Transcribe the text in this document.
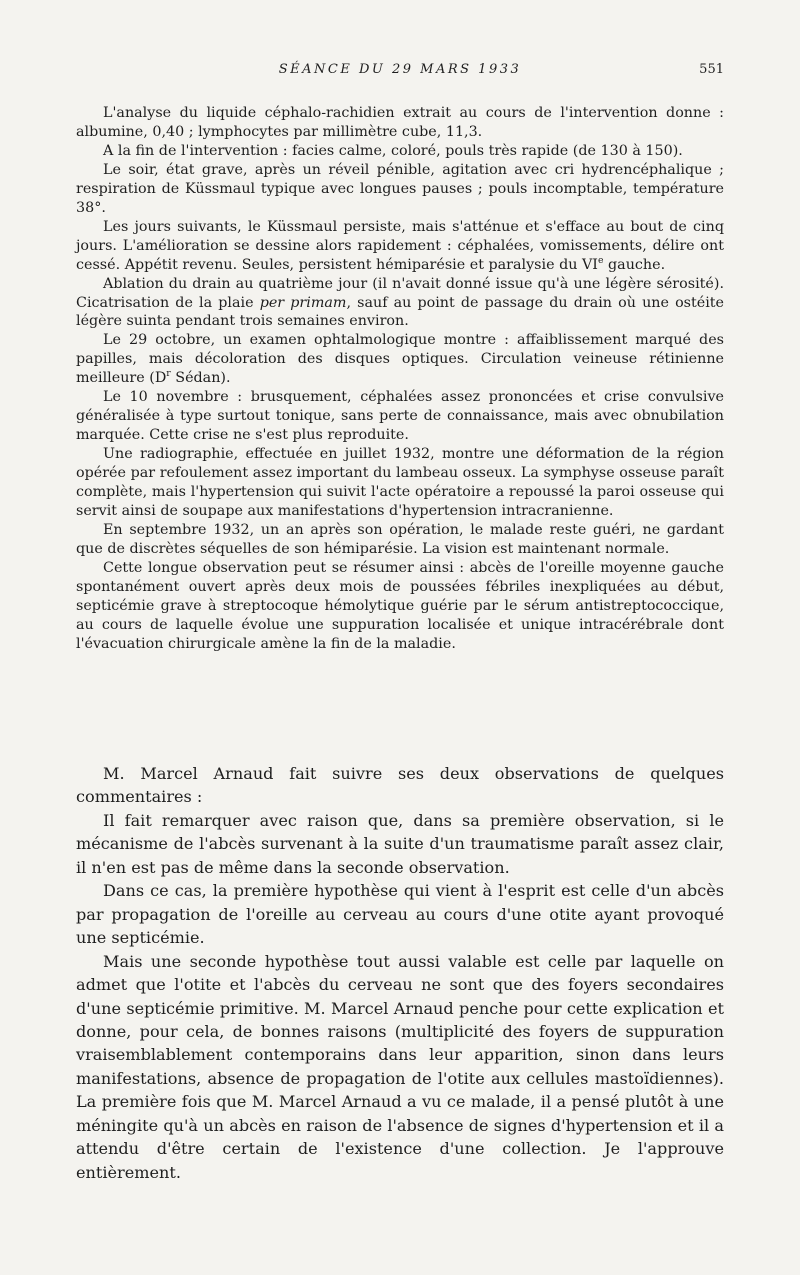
SÉANCE DU 29 MARS 1933	551

L'analyse du liquide céphalo-rachidien extrait au cours de l'intervention donne : albumine, 0,40 ; lymphocytes par millimètre cube, 11,3.

A la fin de l'intervention : facies calme, coloré, pouls très rapide (de 130 à 150).

Le soir, état grave, après un réveil pénible, agitation avec cri hydrencéphalique ; respiration de Küssmaul typique avec longues pauses ; pouls incomptable, température 38°.

Les jours suivants, le Küssmaul persiste, mais s'atténue et s'efface au bout de cinq jours. L'amélioration se dessine alors rapidement : céphalées, vomissements, délire ont cessé. Appétit revenu. Seules, persistent hémiparésie et paralysie du VIe gauche.

Ablation du drain au quatrième jour (il n'avait donné issue qu'à une légère sérosité). Cicatrisation de la plaie per primam, sauf au point de passage du drain où une ostéite légère suinta pendant trois semaines environ.

Le 29 octobre, un examen ophtalmologique montre : affaiblissement marqué des papilles, mais décoloration des disques optiques. Circulation veineuse rétinienne meilleure ($D^r$ Sédan).

Le 10 novembre : brusquement, céphalées assez prononcées et crise convulsive généralisée à type surtout tonique, sans perte de connaissance, mais avec obnubilation marquée. Cette crise ne s'est plus reproduite.

Une radiographie, effectuée en juillet 1932, montre une déformation de la région opérée par refoulement assez important du lambeau osseux. La symphyse osseuse paraît complète, mais l'hypertension qui suivit l'acte opératoire a repoussé la paroi osseuse qui servit ainsi de soupape aux manifestations d'hypertension intracranienne.

En septembre 1932, un an après son opération, le malade reste guéri, ne gardant que de discrètes séquelles de son hémiparésie. La vision est maintenant normale.

Cette longue observation peut se résumer ainsi : abcès de l'oreille moyenne gauche spontanément ouvert après deux mois de poussées fébriles inexpliquées au début, septicémie grave à streptocoque hémolytique guérie par le sérum antistreptococcique, au cours de laquelle évolue une suppuration localisée et unique intracérébrale dont l'évacuation chirurgicale amène la fin de la maladie.

M. Marcel Arnaud fait suivre ses deux observations de quelques commentaires :

Il fait remarquer avec raison que, dans sa première observation, si le mécanisme de l'abcès survenant à la suite d'un traumatisme paraît assez clair, il n'en est pas de même dans la seconde observation.

Dans ce cas, la première hypothèse qui vient à l'esprit est celle d'un abcès par propagation de l'oreille au cerveau au cours d'une otite ayant provoqué une septicémie.

Mais une seconde hypothèse tout aussi valable est celle par laquelle on admet que l'otite et l'abcès du cerveau ne sont que des foyers secondaires d'une septicémie primitive. M. Marcel Arnaud penche pour cette explication et donne, pour cela, de bonnes raisons (multiplicité des foyers de suppuration vraisemblablement contemporains dans leur apparition, sinon dans leurs manifestations, absence de propagation de l'otite aux cellules mastoïdiennes). La première fois que M. Marcel Arnaud a vu ce malade, il a pensé plutôt à une méningite qu'à un abcès en raison de l'absence de signes d'hypertension et il a attendu d'être certain de l'existence d'une collection. Je l'approuve entièrement.
